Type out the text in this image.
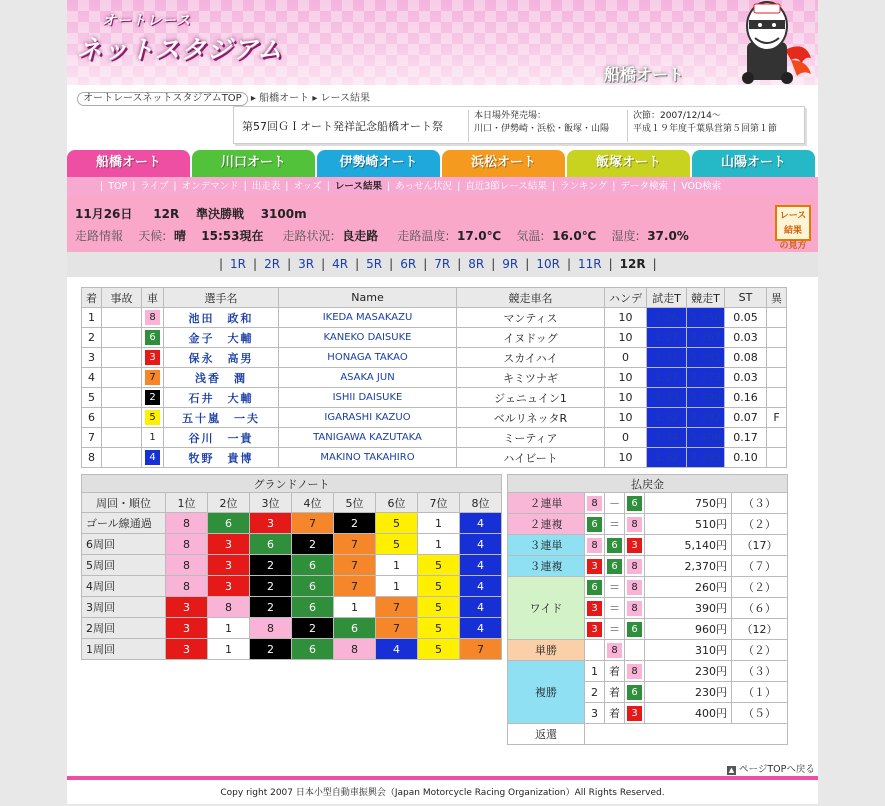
オートレース
ネットスタジアム
船橋オート
オートレースネットスタジアムTOP ▸ 船橋オート ▸ レース結果
第57回ＧＩオート発祥記念船橋オート祭
本日場外発売場：
川口・伊勢崎・浜松・飯塚・山陽
次節：2007/12/14〜
平成１９年度千葉県営第５回第１節
船橋オート	川口オート	伊勢崎オート	浜松オート	飯塚オート	山陽オート
| TOP | ライブ | オンデマンド | 出走表 | オッズ | レース結果 | あっせん状況 | 直近3節レース結果 | ランキング | データ検索 | VOD検索
11月26日 12R 準決勝戦 3100m
走路情報 天候: 晴 15:53現在 走路状況: 良走路 走路温度: 17.0℃ 気温: 16.0℃ 湿度: 37.0%
レース結果
の見方
| 1R | 2R | 3R | 4R | 5R | 6R | 7R | 8R | 9R | 10R | 11R | 12R |
着	事故	車	選手名	Name	競走車名	ハンデ	試走T	競走T	ST	異
1		8	池田　政和	IKEDA MASAKAZU	マンティス	10	3.26	3.350	0.05	
2		6	金子　大輔	KANEKO DAISUKE	イヌドッグ	10	3.27	3.367	0.03	
3		3	保永　高男	HONAGA TAKAO	スカイハイ	0	3.31	3.381	0.08	
4		7	浅香　潤	ASAKA JUN	キミツナギ	10	3.27	3.373	0.03	
5		2	石井　大輔	ISHII DAISUKE	ジェニュイン1	10	3.33	3.390	0.16	
6		5	五十嵐　一夫	IGARASHI KAZUO	ベルリネッタR	10	3.32	3.392	0.07	F
7		1	谷川　一貴	TANIGAWA KAZUTAKA	ミーティア	0	3.34	3.406	0.17	
8		4	牧野　貴博	MAKINO TAKAHIRO	ハイビート	10	3.32	3.395	0.10	
グランドノート								
周回・順位	1位	2位	3位	4位	5位	6位	7位	8位
ゴール線通過	8	6	3	7	2	5	1	4
6周回	8	3	6	2	7	5	1	4
5周回	8	3	2	6	7	1	5	4
4周回	8	3	2	6	7	1	5	4
3周回	3	8	2	6	1	7	5	4
2周回	3	1	8	2	6	7	5	4
1周回	3	1	2	6	8	4	5	7
払戻金					
２連単	8	－	6	750円	（３）
２連複	6	＝	8	510円	（２）
３連単	8	6	3	5,140円	（17）
３連複	3	6	8	2,370円	（７）
ワイド	6	＝	8	260円	（２）
	3	＝	8	390円	（６）
	3	＝	6	960円	（12）
単勝		8		310円	（２）
複勝	1	着	8	230円	（３）
	2	着	6	230円	（１）
	3	着	3	400円	（５）
返還					
▲ ページTOPへ戻る
Copy right 2007 日本小型自動車振興会（Japan Motorcycle Racing Organization）All Rights Reserved.
